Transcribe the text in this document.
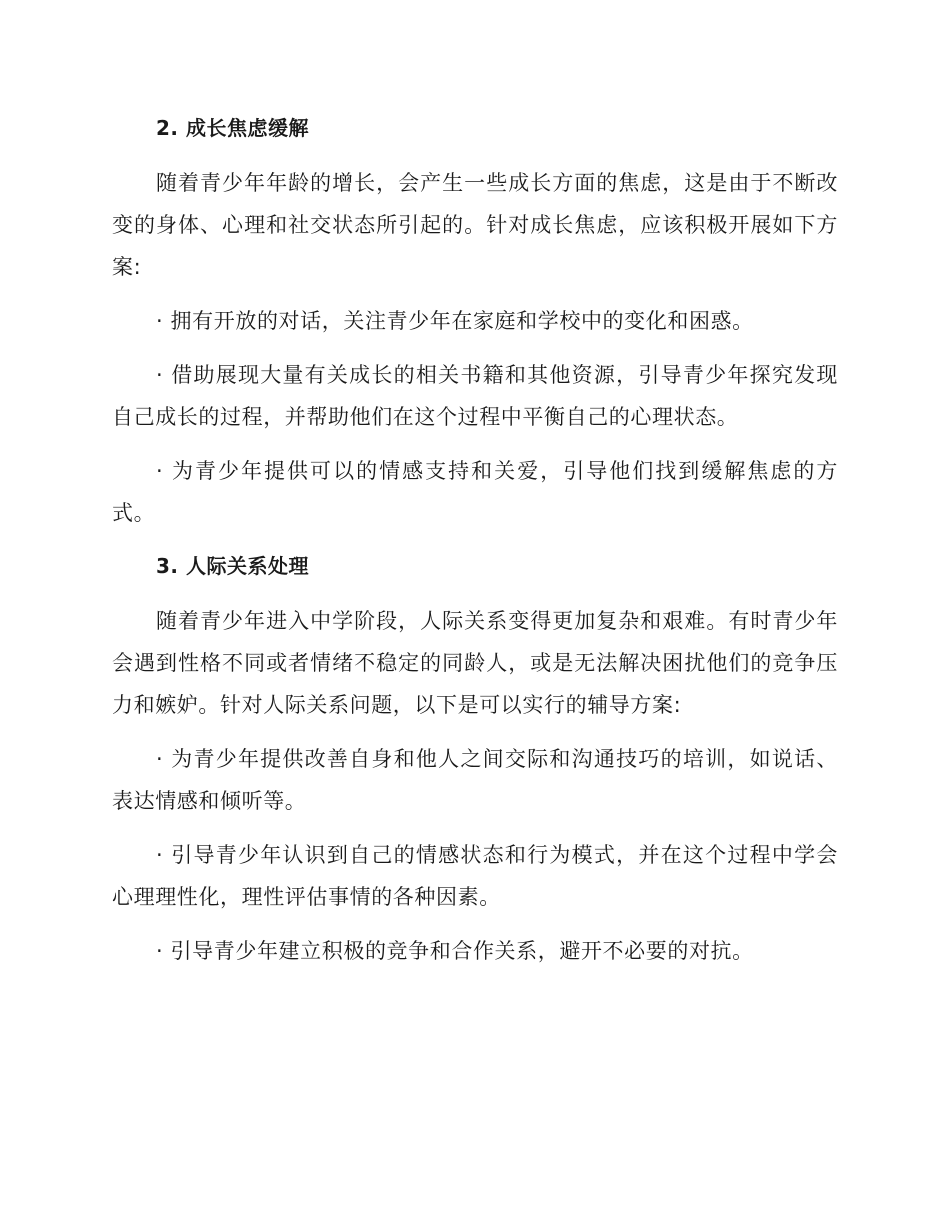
2. 成长焦虑缓解

随着青少年年龄的增长，会产生一些成长方面的焦虑，这是由于不断改变的身体、心理和社交状态所引起的。针对成长焦虑，应该积极开展如下方案:

· 拥有开放的对话，关注青少年在家庭和学校中的变化和困惑。

· 借助展现大量有关成长的相关书籍和其他资源，引导青少年探究发现自己成长的过程，并帮助他们在这个过程中平衡自己的心理状态。

· 为青少年提供可以的情感支持和关爱，引导他们找到缓解焦虑的方式。

3. 人际关系处理

随着青少年进入中学阶段，人际关系变得更加复杂和艰难。有时青少年会遇到性格不同或者情绪不稳定的同龄人，或是无法解决困扰他们的竞争压力和嫉妒。针对人际关系问题，以下是可以实行的辅导方案:

· 为青少年提供改善自身和他人之间交际和沟通技巧的培训，如说话、表达情感和倾听等。

· 引导青少年认识到自己的情感状态和行为模式，并在这个过程中学会心理理性化，理性评估事情的各种因素。

· 引导青少年建立积极的竞争和合作关系，避开不必要的对抗。
